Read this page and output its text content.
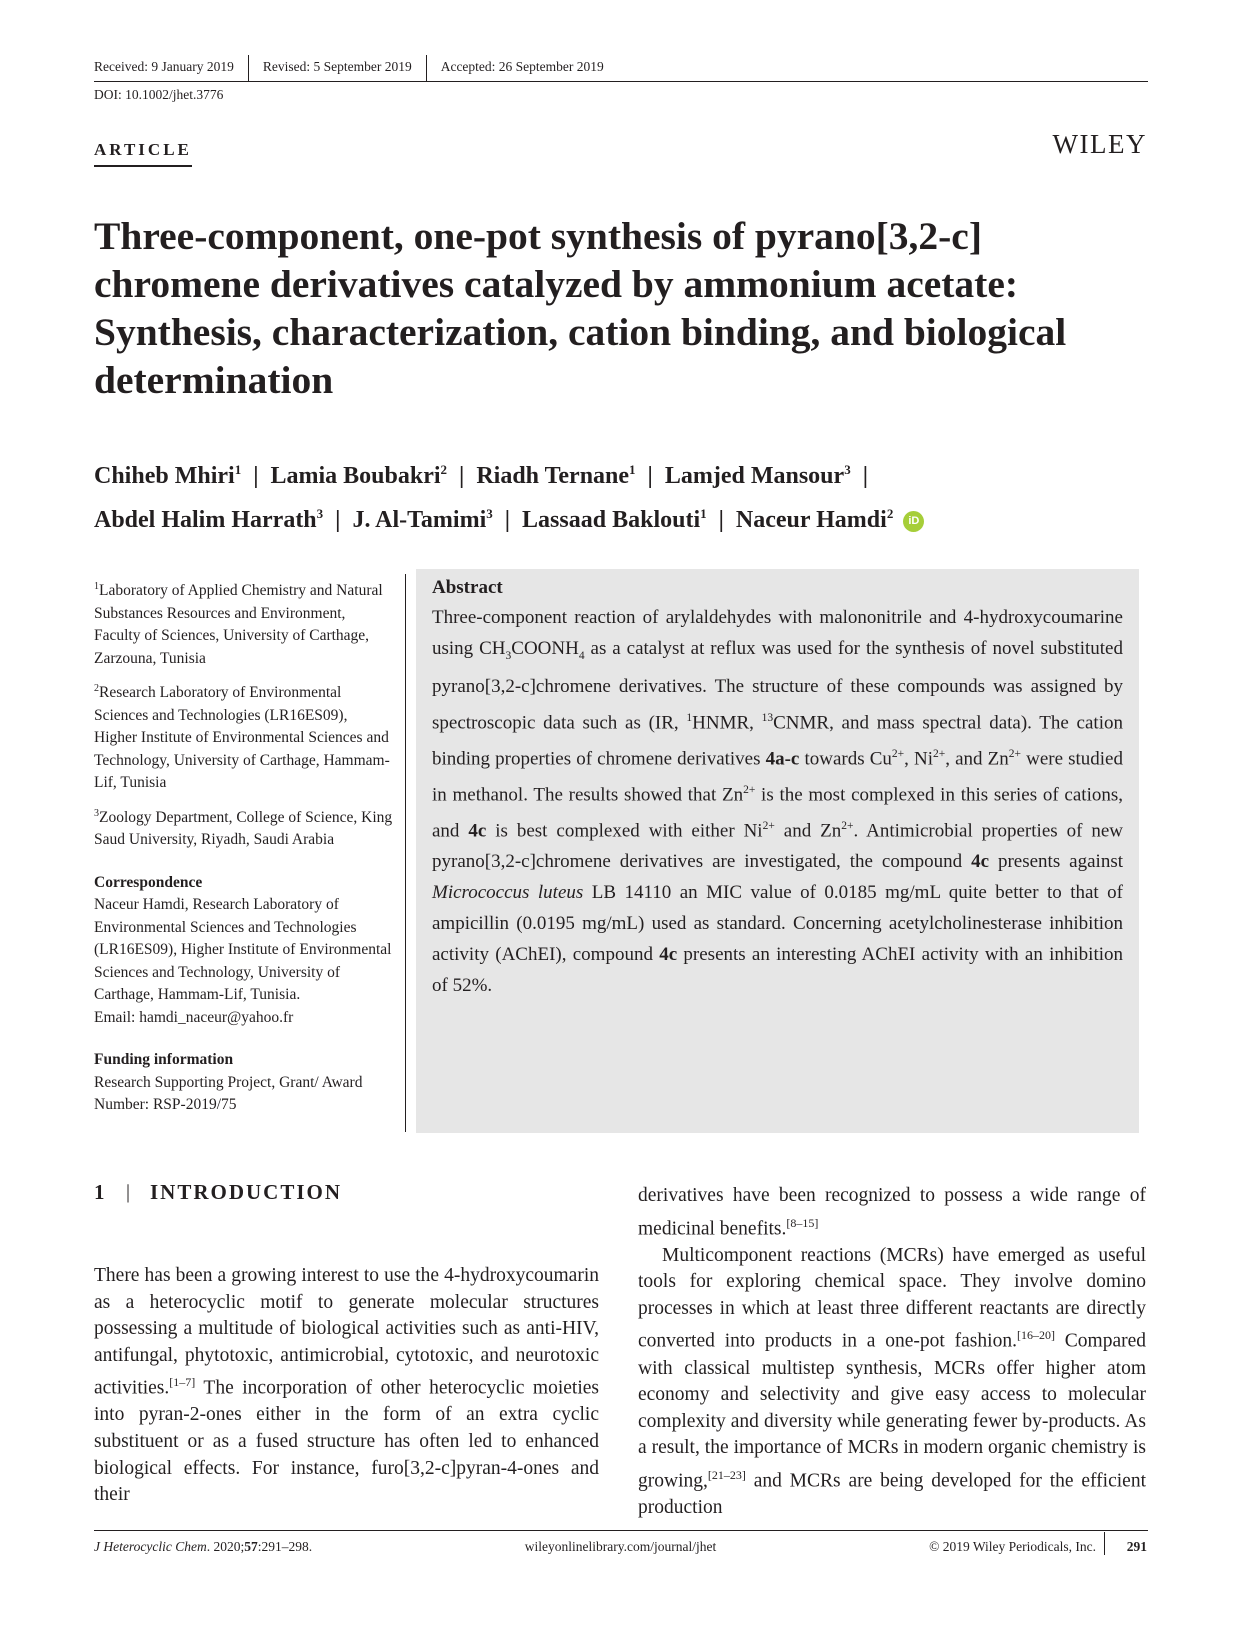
Received: 9 January 2019	Revised: 5 September 2019	Accepted: 26 September 2019
DOI: 10.1002/jhet.3776
ARTICLE	WILEY
Three-component, one-pot synthesis of pyrano[3,2-c] chromene derivatives catalyzed by ammonium acetate: Synthesis, characterization, cation binding, and biological determination
Chiheb Mhiri$^1$  |  Lamia Boubakri$^2$  |  Riadh Ternane$^1$  |  Lamjed Mansour$^3$  |
Abdel Halim Harrath$^3$  |  J. Al-Tamimi$^3$  |  Lassaad Baklouti$^1$  |  Naceur Hamdi$^2$ iD
$^1$Laboratory of Applied Chemistry and Natural Substances Resources and Environment, Faculty of Sciences, University of Carthage, Zarzouna, Tunisia
$^2$Research Laboratory of Environmental Sciences and Technologies (LR16ES09), Higher Institute of Environmental Sciences and Technology, University of Carthage, Hammam-Lif, Tunisia
$^3$Zoology Department, College of Science, King Saud University, Riyadh, Saudi Arabia
Correspondence
Naceur Hamdi, Research Laboratory of Environmental Sciences and Technologies (LR16ES09), Higher Institute of Environmental Sciences and Technology, University of Carthage, Hammam-Lif, Tunisia.
Email: hamdi_naceur@yahoo.fr
Funding information
Research Supporting Project, Grant/ Award Number: RSP-2019/75
Abstract
Three-component reaction of arylaldehydes with malononitrile and 4-hydroxycoumarine using $CH_3COONH_4$ as a catalyst at reflux was used for the synthesis of novel substituted pyrano[3,2-c]chromene derivatives. The structure of these compounds was assigned by spectroscopic data such as (IR, $^1$HNMR, $^{13}$CNMR, and mass spectral data). The cation binding properties of chromene derivatives 4a-c towards $Cu^{2+}$, $Ni^{2+}$, and $Zn^{2+}$ were studied in methanol. The results showed that $Zn^{2+}$ is the most complexed in this series of cations, and 4c is best complexed with either $Ni^{2+}$ and $Zn^{2+}$. Antimicrobial properties of new pyrano[3,2-c]chromene derivatives are investigated, the compound 4c presents against Micrococcus luteus LB 14110 an MIC value of 0.0185 mg/mL quite better to that of ampicillin (0.0195 mg/mL) used as standard. Concerning acetylcholinesterase inhibition activity (AChEI), compound 4c presents an interesting AChEI activity with an inhibition of 52%.
1 | INTRODUCTION
There has been a growing interest to use the 4-hydroxycoumarin as a heterocyclic motif to generate molecular structures possessing a multitude of biological activities such as anti-HIV, antifungal, phytotoxic, antimicrobial, cytotoxic, and neurotoxic activities.[1–7] The incorporation of other heterocyclic moieties into pyran-2-ones either in the form of an extra cyclic substituent or as a fused structure has often led to enhanced biological effects. For instance, furo[3,2-c]pyran-4-ones and their

derivatives have been recognized to possess a wide range of medicinal benefits.[8–15]

Multicomponent reactions (MCRs) have emerged as useful tools for exploring chemical space. They involve domino processes in which at least three different reactants are directly converted into products in a one-pot fashion.[16–20] Compared with classical multistep synthesis, MCRs offer higher atom economy and selectivity and give easy access to molecular complexity and diversity while generating fewer by-products. As a result, the importance of MCRs in modern organic chemistry is growing,[21–23] and MCRs are being developed for the efficient production

J Heterocyclic Chem. 2020;57:291–298.	wileyonlinelibrary.com/journal/jhet	© 2019 Wiley Periodicals, Inc. 291
